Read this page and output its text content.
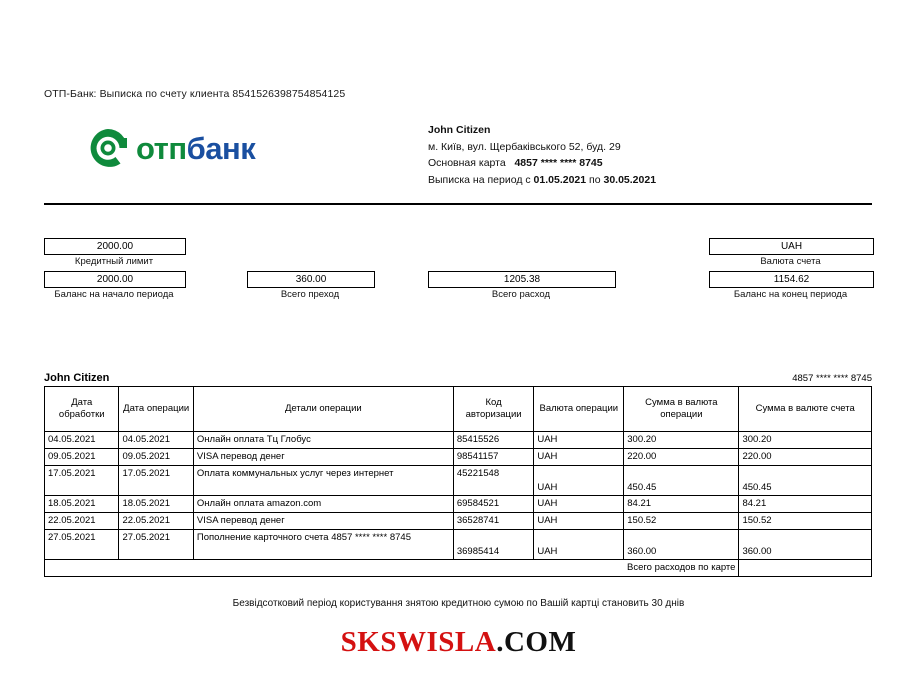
ОТП-Банк: Выписка по счету клиента 8541526398754854125
отпбанк
John Citizen
м. Київ, вул. Щербаківського 52, буд. 29
Основная карта 4857 **** **** 8745
Выписка на период с 01.05.2021 по 30.05.2021
2000.00
Кредитный лимит
2000.00
Баланс на начало периода
360.00
Всего преход
1205.38
Всего расход
UAH
Валюта счета
1154.62
Баланс на конец периода
John Citizen	4857 **** **** 8745
Дата обработки	Дата операции	Детали операции	Код авторизации	Валюта операции	Сумма в валюта операции	Сумма в валюте счета
04.05.2021	04.05.2021	Онлайн оплата Тц Глобус	85415526	UAH	300.20	300.20
09.05.2021	09.05.2021	VISA перевод денег	98541157	UAH	220.00	220.00
17.05.2021	17.05.2021	Оплата коммунальных услуг через интернет	45221548	UAH	450.45	450.45
18.05.2021	18.05.2021	Онлайн оплата amazon.com	69584521	UAH	84.21	84.21
22.05.2021	22.05.2021	VISA перевод денег	36528741	UAH	150.52	150.52
27.05.2021	27.05.2021	Пополнение карточного счета 4857 **** **** 8745	36985414	UAH	360.00	360.00
Всего расходов по карте						
Безвідсотковий період користування знятою кредитною сумою по Вашій картці становить 30 днів
SKSWISLA.COM
